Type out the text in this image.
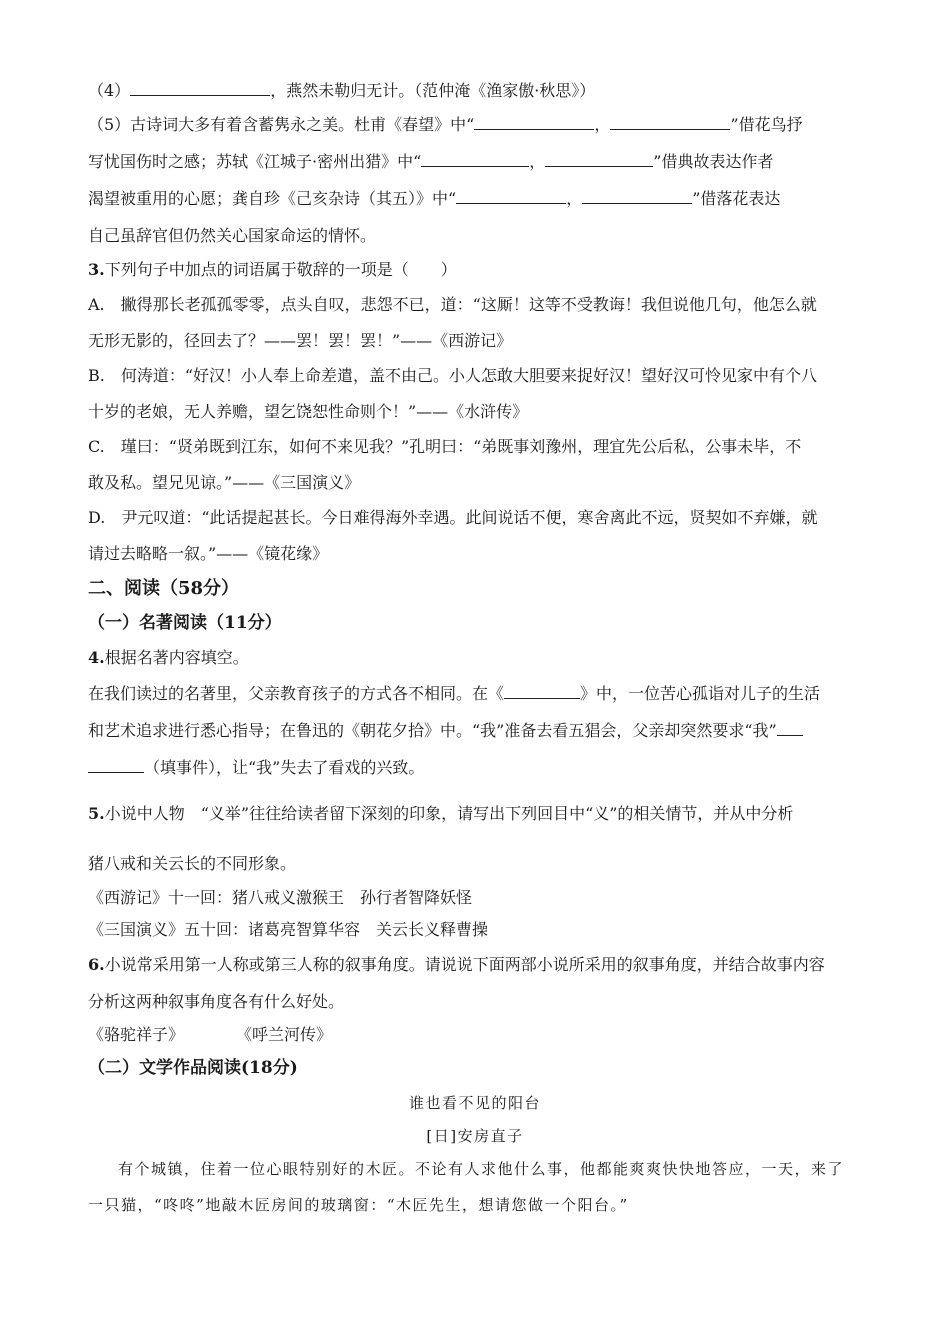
（4）	，燕然未勒归无计。（范仲淹《渔家傲·秋思》）
（5）古诗词大多有着含蓄隽永之美。杜甫《春望》中“	，	”借花鸟抒
写忧国伤时之感；苏轼《江城子·密州出猎》中“	，	”借典故表达作者
渴望被重用的心愿；龚自珍《己亥杂诗（其五）》中“	，	”借落花表达
自己虽辞官但仍然关心国家命运的情怀。
3.下列句子中加点的词语属于敬辞的一项是（　　）
A.　撇得那长老孤孤零零，点头自叹，悲怨不已，道：“这厮！这等不受教诲！我但说他几句，他怎么就
无形无影的，径回去了？——罢！罢！罢！”——《西游记》
B.　何涛道：“好汉！小人奉上命差遣，盖不由己。小人怎敢大胆要来捉好汉！望好汉可怜见家中有个八
十岁的老娘，无人养赡，望乞饶恕性命则个！”——《水浒传》
C.　瑾曰：“贤弟既到江东，如何不来见我？”孔明曰：“弟既事刘豫州，理宜先公后私，公事未毕，不
敢及私。望兄见谅。”——《三国演义》
D.　尹元叹道：“此话提起甚长。今日难得海外幸遇。此间说话不便，寒舍离此不远，贤契如不弃嫌，就
请过去略略一叙。”——《镜花缘》
二、阅读（58分）
（一）名著阅读（11分）
4.根据名著内容填空。
在我们读过的名著里，父亲教育孩子的方式各不相同。在《	》中，一位苦心孤诣对儿子的生活
和艺术追求进行悉心指导；在鲁迅的《朝花夕拾》中。“我”准备去看五猖会，父亲却突然要求“我”
（填事件），让“我”失去了看戏的兴致。
5.小说中人物　“义举”往往给读者留下深刻的印象，请写出下列回目中“义”的相关情节，并从中分析
猪八戒和关云长的不同形象。
《西游记》十一回：猪八戒义激猴王　孙行者智降妖怪
《三国演义》五十回：诸葛亮智算华容　关云长义释曹操
6.小说常采用第一人称或第三人称的叙事角度。请说说下面两部小说所采用的叙事角度，并结合故事内容
分析这两种叙事角度各有什么好处。
《骆驼祥子》	《呼兰河传》
（二）文学作品阅读(18分)
谁也看不见的阳台
[日]安房直子
有个城镇，住着一位心眼特别好的木匠。不论有人求他什么事，他都能爽爽快快地答应，一天，来了
一只猫，“咚咚”地敲木匠房间的玻璃窗：“木匠先生，想请您做一个阳台。”
